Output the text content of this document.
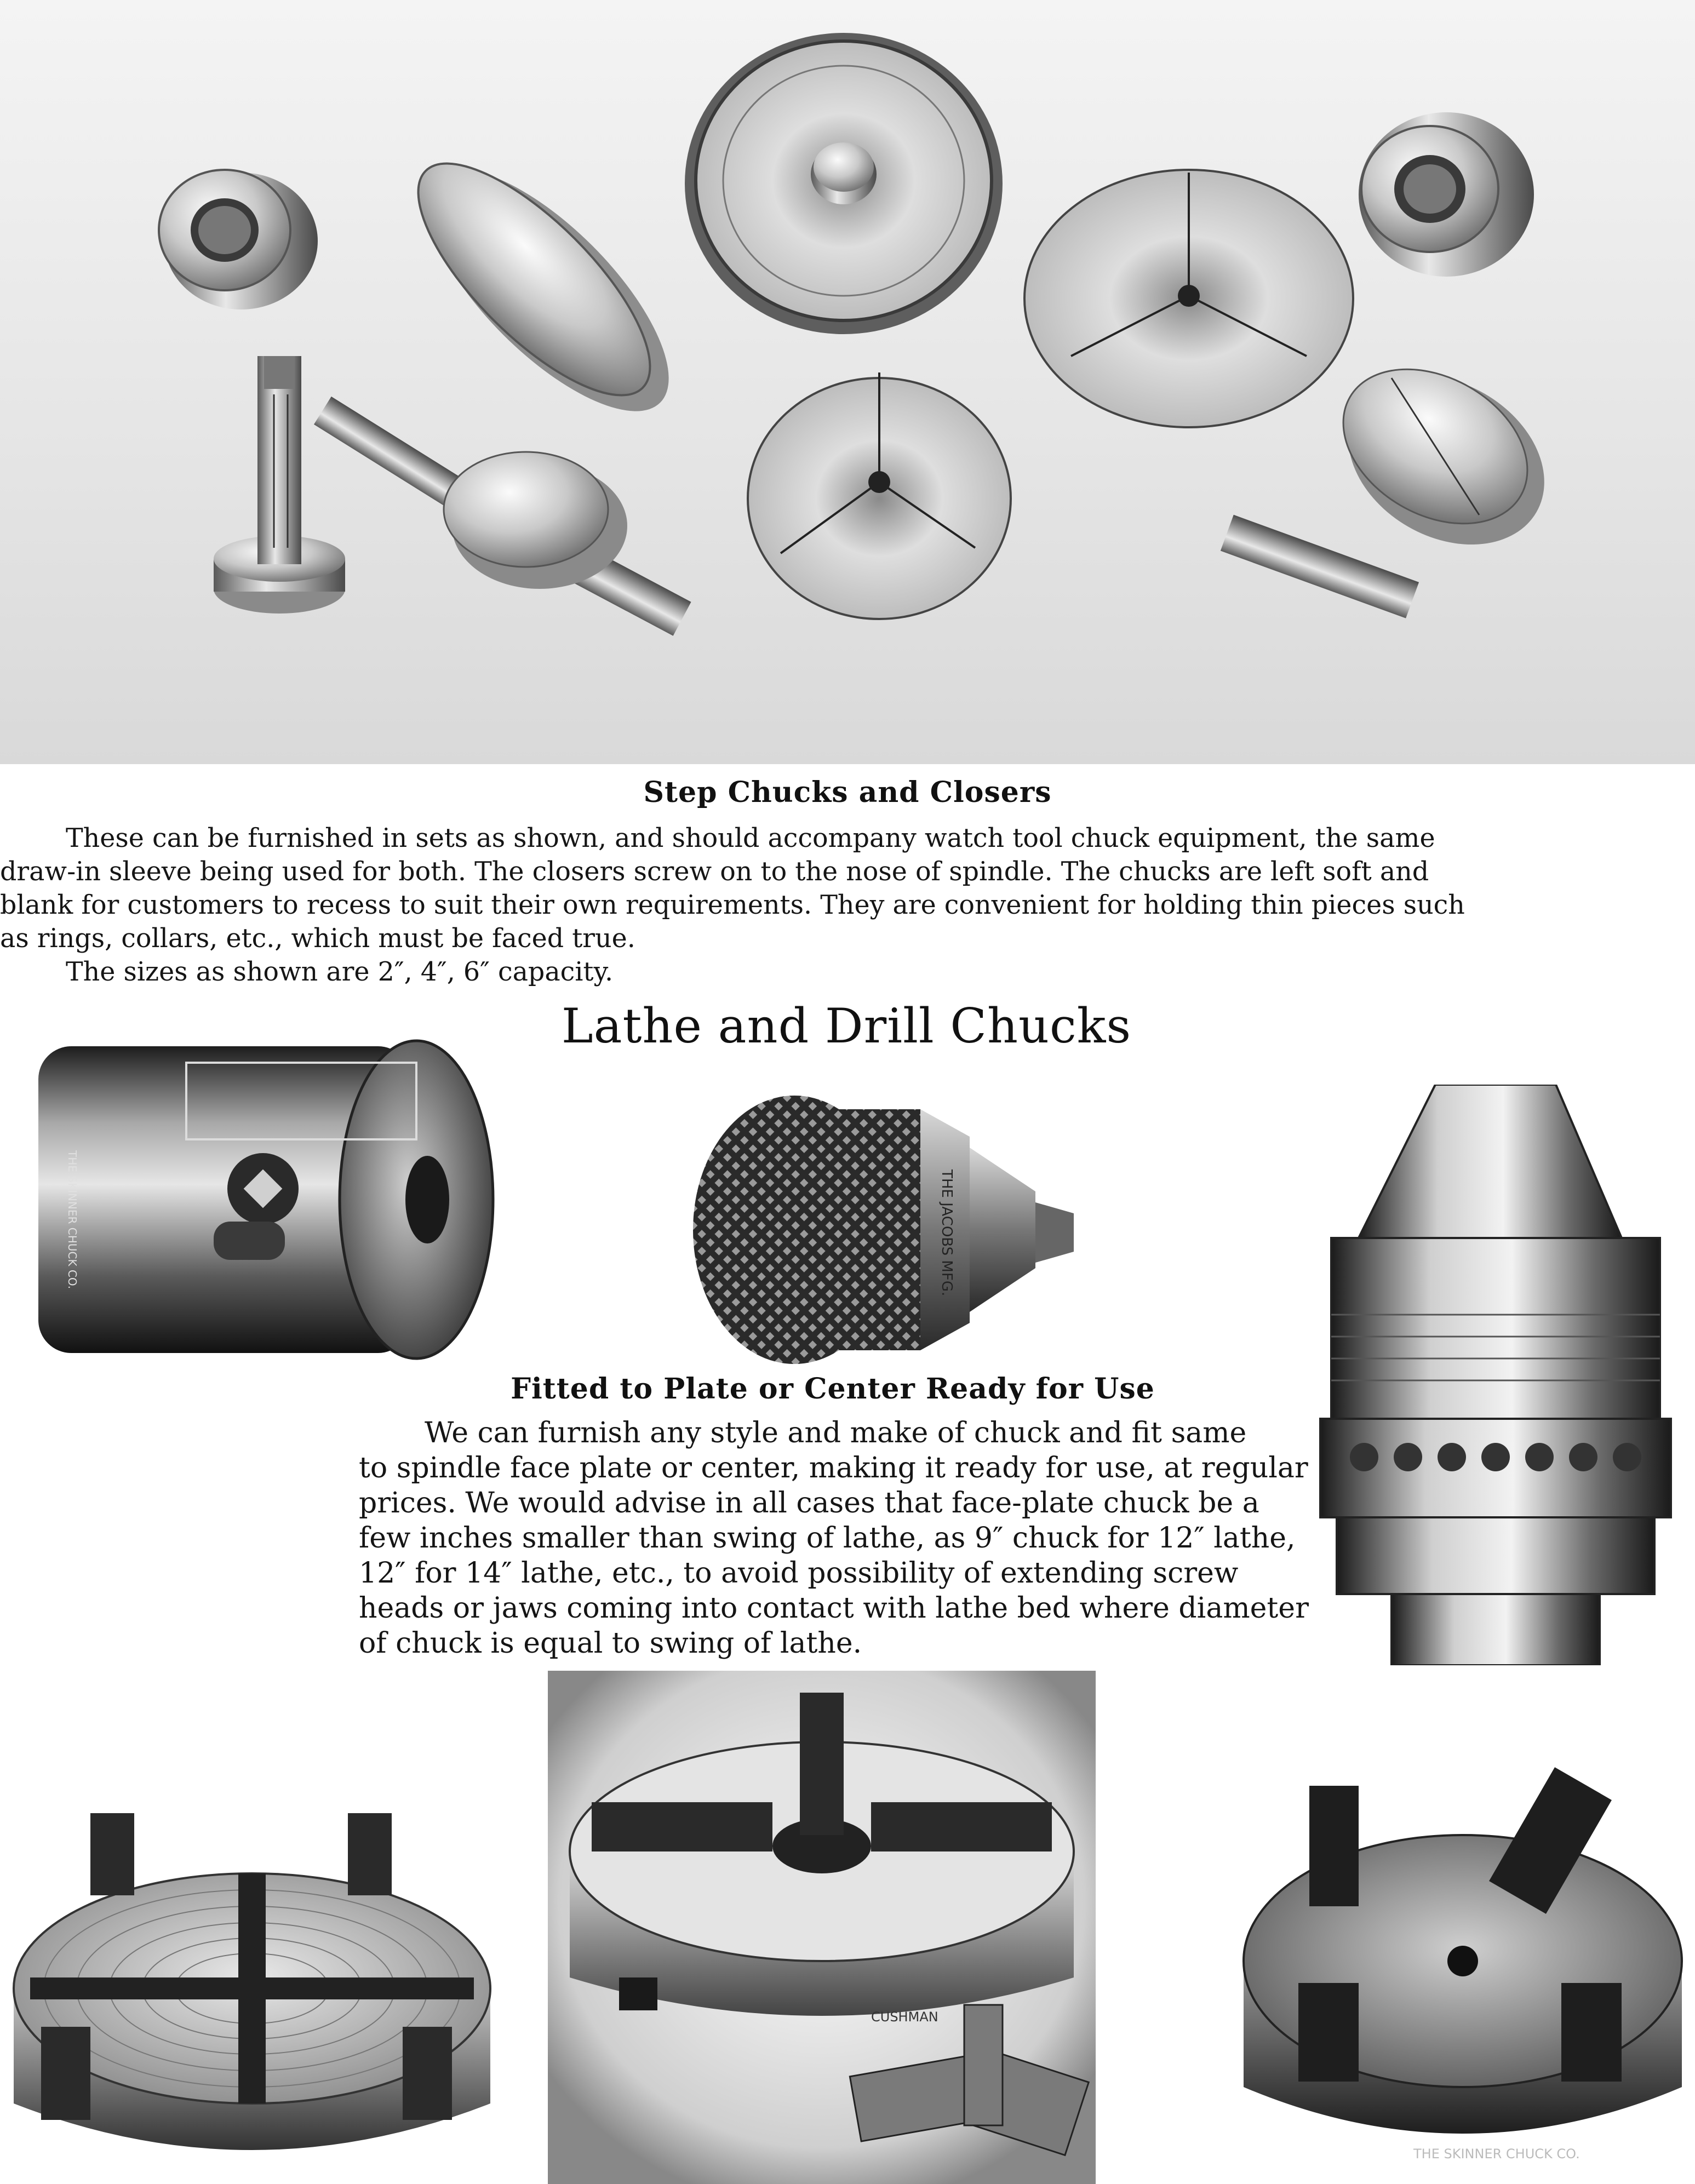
Step Chucks and Closers

These can be furnished in sets as shown, and should accompany watch tool chuck equipment, the same

draw-in sleeve being used for both. The closers screw on to the nose of spindle. The chucks are left soft and

blank for customers to recess to suit their own requirements. They are convenient for holding thin pieces such

as rings, collars, etc., which must be faced true.

The sizes as shown are 2″, 4″, 6″ capacity.

Lathe and Drill Chucks
THE SKINNER CHUCK CO.	THE JACOBS MFG.
Fitted to Plate or Center Ready for Use

We can furnish any style and make of chuck and fit same

to spindle face plate or center, making it ready for use, at regular

prices. We would advise in all cases that face-plate chuck be a

few inches smaller than swing of lathe, as 9″ chuck for 12″ lathe,

12″ for 14″ lathe, etc., to avoid possibility of extending screw

heads or jaws coming into contact with lathe bed where diameter

of chuck is equal to swing of lathe.

CUSHMAN
THE SKINNER CHUCK CO.
